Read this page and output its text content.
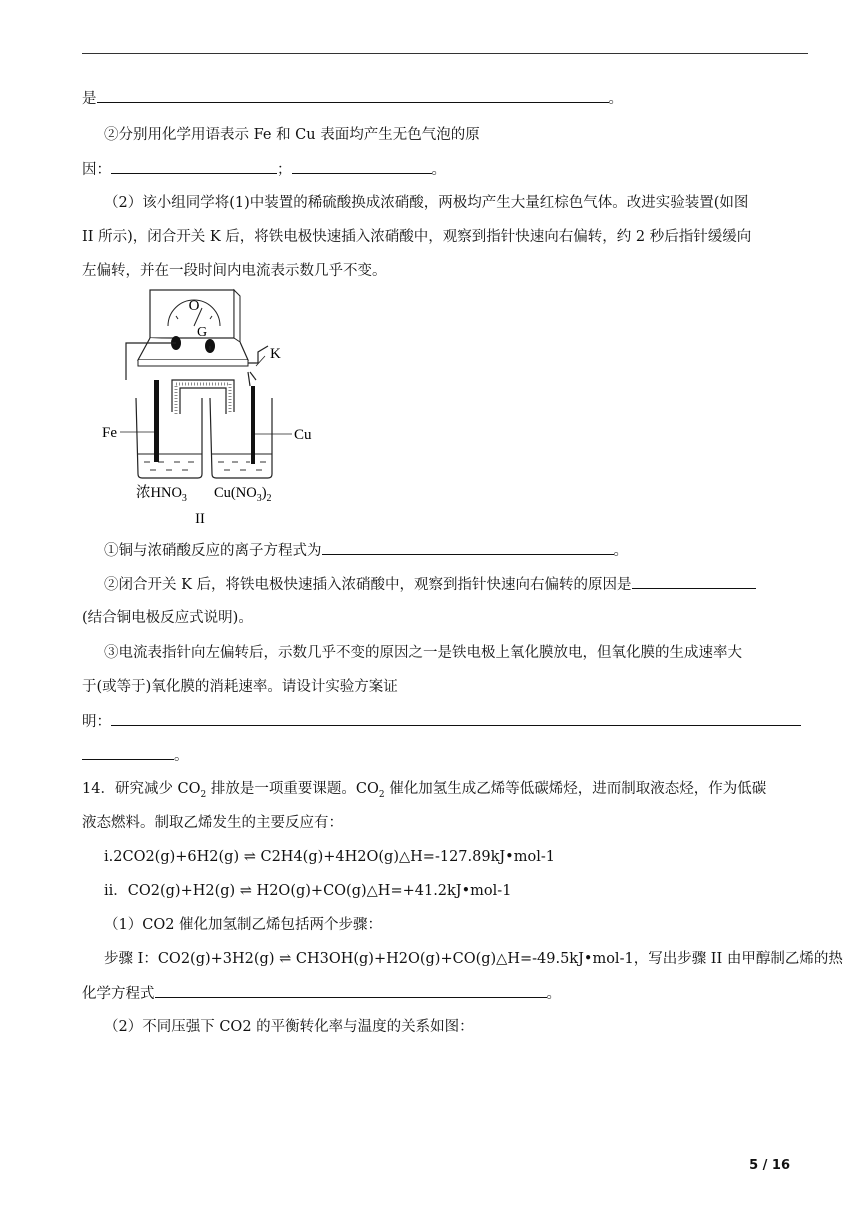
是	。
②分别用化学用语表示 Fe 和 Cu 表面均产生无色气泡的原
因：	；	。
（2）该小组同学将(1)中装置的稀硫酸换成浓硝酸，两极均产生大量红棕色气体。改进实验装置(如图
II 所示)，闭合开关 K 后，将铁电极快速插入浓硝酸中，观察到指针快速向右偏转，约 2 秒后指针缓缓向
左偏转，并在一段时间内电流表示数几乎不变。
O
G
K
Fe	Cu
浓$HNO_3$ $Cu(NO_3)_2$
II
①铜与浓硝酸反应的离子方程式为	。
②闭合开关 K 后，将铁电极快速插入浓硝酸中，观察到指针快速向右偏转的原因是
(结合铜电极反应式说明)。
③电流表指针向左偏转后，示数几乎不变的原因之一是铁电极上氧化膜放电，但氧化膜的生成速率大
于(或等于)氧化膜的消耗速率。请设计实验方案证
明：
。
14．研究减少 $CO_2$ 排放是一项重要课题。$CO_2$ 催化加氢生成乙烯等低碳烯烃，进而制取液态烃，作为低碳
液态燃料。制取乙烯发生的主要反应有：
i.2CO2(g)+6H2(g) ⇌ C2H4(g)+4H2O(g)△H=-127.89kJ•mol-1
ii．CO2(g)+H2(g) ⇌ H2O(g)+CO(g)△H=+41.2kJ•mol-1
（1）CO2 催化加氢制乙烯包括两个步骤：
步骤 I：CO2(g)+3H2(g) ⇌ CH3OH(g)+H2O(g)+CO(g)△H=-49.5kJ•mol-1，写出步骤 II 由甲醇制乙烯的热
化学方程式	。
（2）不同压强下 CO2 的平衡转化率与温度的关系如图：
5 / 16
